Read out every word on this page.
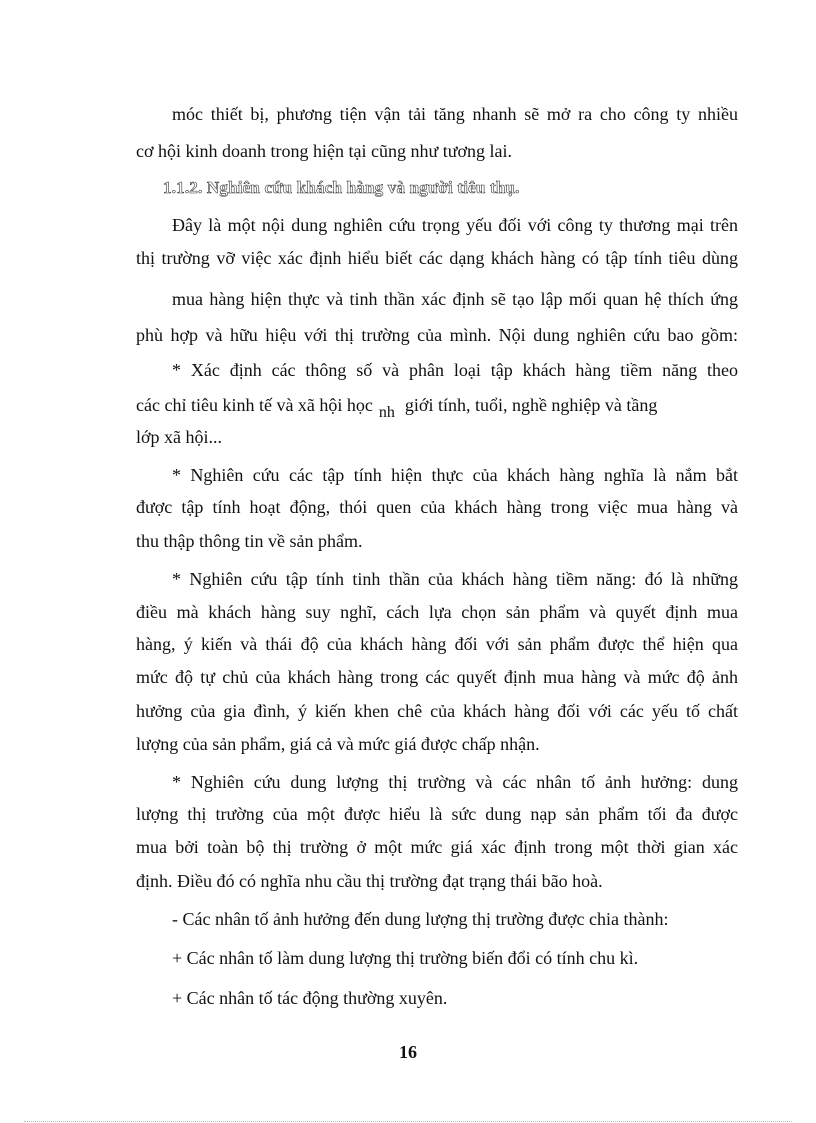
móc thiết bị, phương tiện vận tải tăng nhanh sẽ mở ra cho công ty nhiều
cơ hội kinh doanh trong hiện tại cũng như tương lai.
1.1.2. Nghiên cứu khách hàng và người tiêu thụ.
Đây là một nội dung nghiên cứu trọng yếu đối với công ty thương mại trên
thị trường vỡ việc xác định hiểu biết các dạng khách hàng có tập tính tiêu dùng
mua hàng hiện thực và tinh thần xác định sẽ tạo lập mối quan hệ thích ứng
phù hợp và hữu hiệu với thị trường của mình. Nội dung nghiên cứu bao gồm:
* Xác định các thông số và phân loại tập khách hàng tiềm năng theo
các chỉ tiêu kinh tế và xã hội học nh giới tính, tuổi, nghề nghiệp và tầng
lớp xã hội...
* Nghiên cứu các tập tính hiện thực của khách hàng nghĩa là nắm bắt
được tập tính hoạt động, thói quen của khách hàng trong việc mua hàng và
thu thập thông tin về sản phẩm.
* Nghiên cứu tập tính tinh thần của khách hàng tiềm năng: đó là những
điều mà khách hàng suy nghĩ, cách lựa chọn sản phẩm và quyết định mua
hàng, ý kiến và thái độ của khách hàng đối với sản phẩm được thể hiện qua
mức độ tự chủ của khách hàng trong các quyết định mua hàng và mức độ ảnh
hưởng của gia đình, ý kiến khen chê của khách hàng đối với các yếu tố chất
lượng của sản phẩm, giá cả và mức giá được chấp nhận.
* Nghiên cứu dung lượng thị trường và các nhân tố ảnh hưởng: dung
lượng thị trường của một được hiểu là sức dung nạp sản phẩm tối đa được
mua bởi toàn bộ thị trường ở một mức giá xác định trong một thời gian xác
định. Điều đó có nghĩa nhu cầu thị trường đạt trạng thái bão hoà.
- Các nhân tố ảnh hưởng đến dung lượng thị trường được chia thành:
+ Các nhân tố làm dung lượng thị trường biến đổi có tính chu kì.
+ Các nhân tố tác động thường xuyên.
16
